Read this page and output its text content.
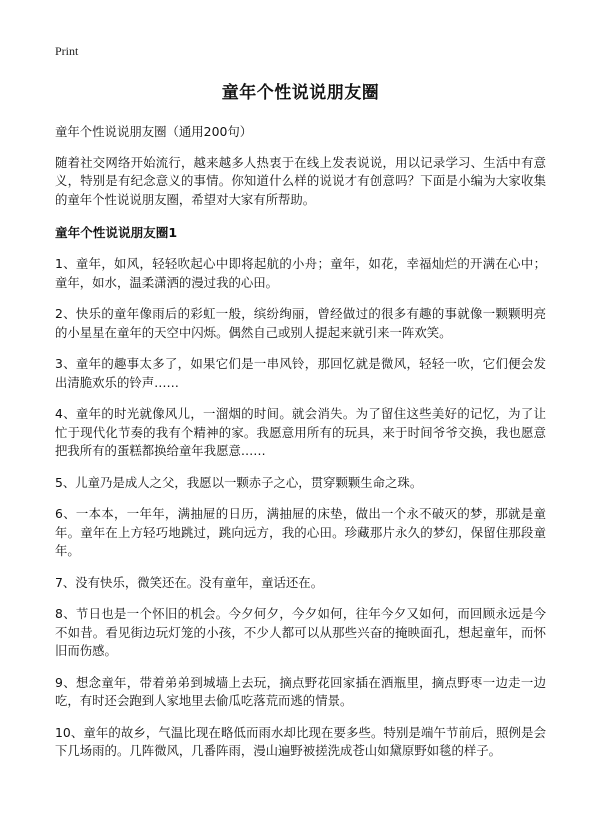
Print
童年个性说说朋友圈

童年个性说说朋友圈（通用200句）

随着社交网络开始流行，越来越多人热衷于在线上发表说说，用以记录学习、生活中有意义，特别是有纪念意义的事情。你知道什么样的说说才有创意吗？下面是小编为大家收集的童年个性说说朋友圈，希望对大家有所帮助。

童年个性说说朋友圈1

1、童年，如风，轻轻吹起心中即将起航的小舟；童年，如花，幸福灿烂的开满在心中；童年，如水，温柔潇洒的漫过我的心田。

2、快乐的童年像雨后的彩虹一般，缤纷绚丽，曾经做过的很多有趣的事就像一颗颗明亮的小星星在童年的天空中闪烁。偶然自己或别人提起来就引来一阵欢笑。

3、童年的趣事太多了，如果它们是一串风铃，那回忆就是微风，轻轻一吹，它们便会发出清脆欢乐的铃声……

4、童年的时光就像风儿，一溜烟的时间。就会消失。为了留住这些美好的记忆，为了让忙于现代化节奏的我有个精神的家。我愿意用所有的玩具，来于时间爷爷交换，我也愿意把我所有的蛋糕都换给童年我愿意……

5、儿童乃是成人之父，我愿以一颗赤子之心，贯穿颗颗生命之珠。

6、一本本，一年年，满抽屉的日历，满抽屉的床垫，做出一个永不破灭的梦，那就是童年。童年在上方轻巧地跳过，跳向远方，我的心田。珍藏那片永久的梦幻，保留住那段童年。

7、没有快乐，微笑还在。没有童年，童话还在。

8、节日也是一个怀旧的机会。今夕何夕，今夕如何，往年今夕又如何，而回顾永远是今不如昔。看见街边玩灯笼的小孩，不少人都可以从那些兴奋的掩映面孔，想起童年，而怀旧而伤感。

9、想念童年，带着弟弟到城墙上去玩，摘点野花回家插在酒瓶里，摘点野枣一边走一边吃，有时还会跑到人家地里去偷瓜吃落荒而逃的情景。

10、童年的故乡，气温比现在略低而雨水却比现在要多些。特别是端午节前后，照例是会下几场雨的。几阵微风，几番阵雨，漫山遍野被搓洗成苍山如黛原野如毯的样子。
